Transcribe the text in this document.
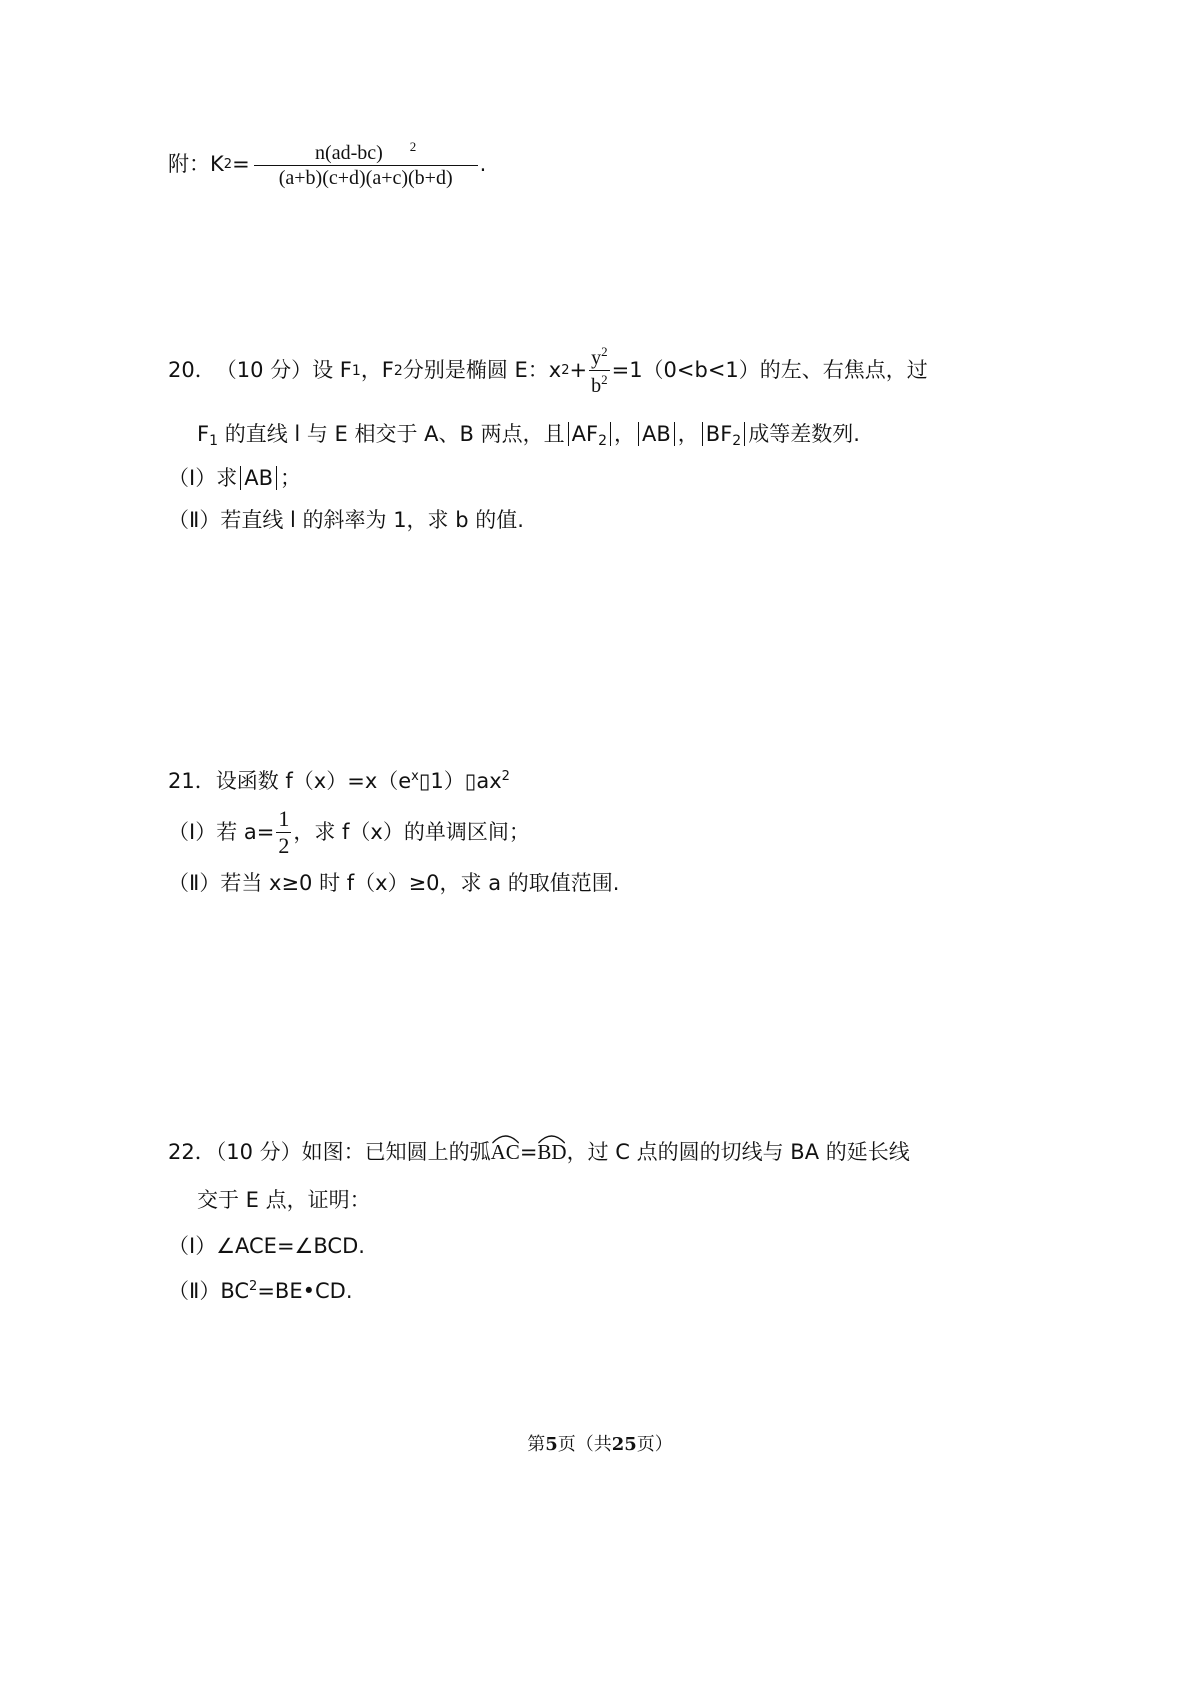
附：K $2 = \frac{n(ad-bc) ^2}{(a+b)(c+d)(a+c)(b+d)}$ .
20． （10 分）设 F 1 ，F 2 分别是椭圆 E：x $2 + \frac{y^2}{b^2} =1(0<b<1)$的左、右焦点，过
$F_1$ 的直线 l 与 E 相交于 A、B 两点，且 $AF_2$ ， AB ， $BF_2$ 成等差数列.
（Ⅰ）求 AB ；
（Ⅱ）若直线 l 的斜率为 1，求 b 的值.
21．设函数 $f(x)=x(e^x▯1)▯ax^2$
（Ⅰ）若 $a= \frac{1}{2}$ ，求 f（x）的单调区间；
（Ⅱ）若当 x≥0 时 f（x）≥0，求 a 的取值范围.
22．（10 分）如图：已知圆上的弧
AC=
BD，过 C 点的圆的切线与 BA 的延长线
交于 E 点，证明：
（Ⅰ）∠ACE=∠BCD.
$(Ⅱ)BC^2=BE•CD$.
第5页（共25页）
